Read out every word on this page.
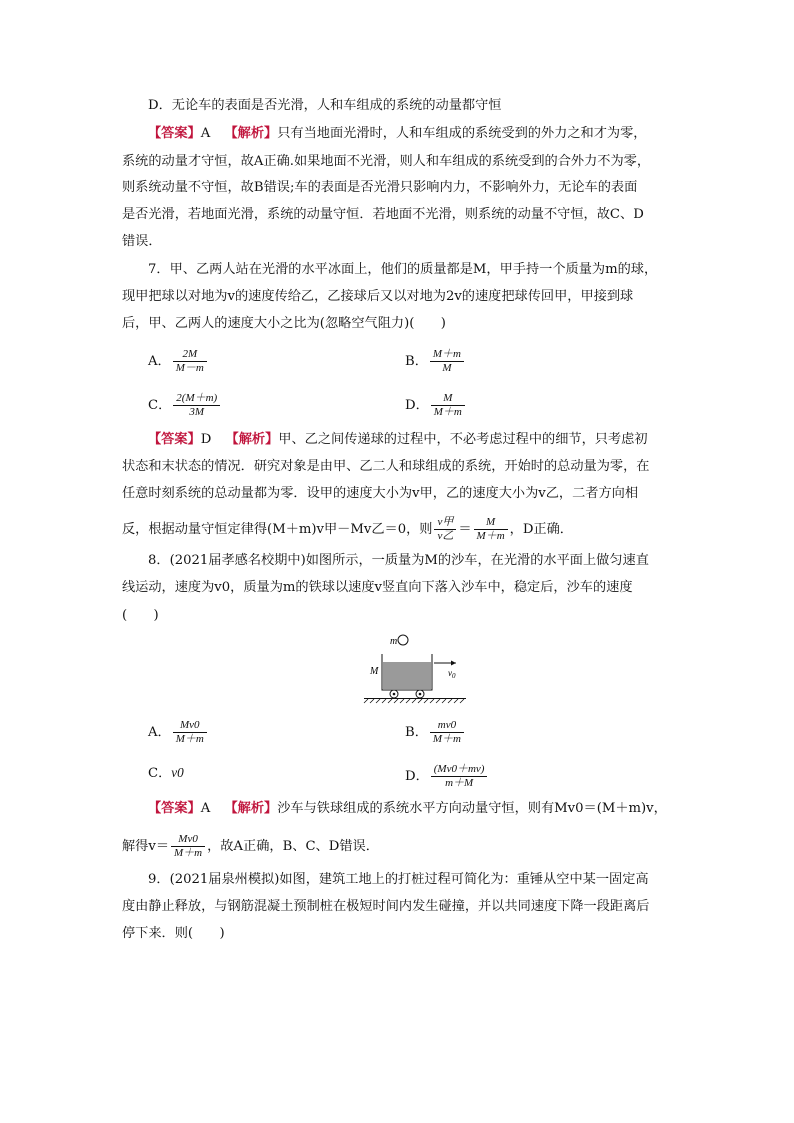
D．无论车的表面是否光滑，人和车组成的系统的动量都守恒
【答案】A 【解析】只有当地面光滑时，人和车组成的系统受到的外力之和才为零，
系统的动量才守恒，故A正确.如果地面不光滑，则人和车组成的系统受到的合外力不为零，
则系统动量不守恒，故B错误;车的表面是否光滑只影响内力，不影响外力，无论车的表面
是否光滑，若地面光滑，系统的动量守恒．若地面不光滑，则系统的动量不守恒，故C、D
错误．
7．甲、乙两人站在光滑的水平冰面上，他们的质量都是M，甲手持一个质量为m的球，
现甲把球以对地为v的速度传给乙，乙接球后又以对地为2v的速度把球传回甲，甲接到球
后，甲、乙两人的速度大小之比为(忽略空气阻力)(　　)
A． $\frac{2M}{M-m}$	B． $\frac{M+m}{M}$
C． $\frac{2(M+m)}{3M}$	D． $\frac{M}{M+m}$
【答案】D 【解析】甲、乙之间传递球的过程中，不必考虑过程中的细节，只考虑初
状态和末状态的情况．研究对象是由甲、乙二人和球组成的系统，开始时的总动量为零，在
任意时刻系统的总动量都为零．设甲的速度大小为v甲，乙的速度大小为v乙，二者方向相
反，根据动量守恒定律得(M＋m)v甲－Mv乙＝0，则 $\frac{\text{v甲}}{\text{v乙}} = \frac{M}{M+m}$ ，D正确．
8．(2021届孝感名校期中)如图所示，一质量为M的沙车，在光滑的水平面上做匀速直
线运动，速度为v0，质量为m的铁球以速度v竖直向下落入沙车中，稳定后，沙车的速度
(　　)
m
M	$v_0$
A． $\frac{Mv0}{M+m}$	B． $\frac{mv0}{M+m}$
C．v0	D． $\frac{(Mv0+mv)}{m+M}$
【答案】A 【解析】沙车与铁球组成的系统水平方向动量守恒，则有Mv0＝(M＋m)v，
解得$v= \frac{Mv0}{M+m}$ ，故A正确，B、C、D错误．
9．(2021届泉州模拟)如图，建筑工地上的打桩过程可简化为：重锤从空中某一固定高
度由静止释放，与钢筋混凝土预制桩在极短时间内发生碰撞，并以共同速度下降一段距离后
停下来．则(　　)
